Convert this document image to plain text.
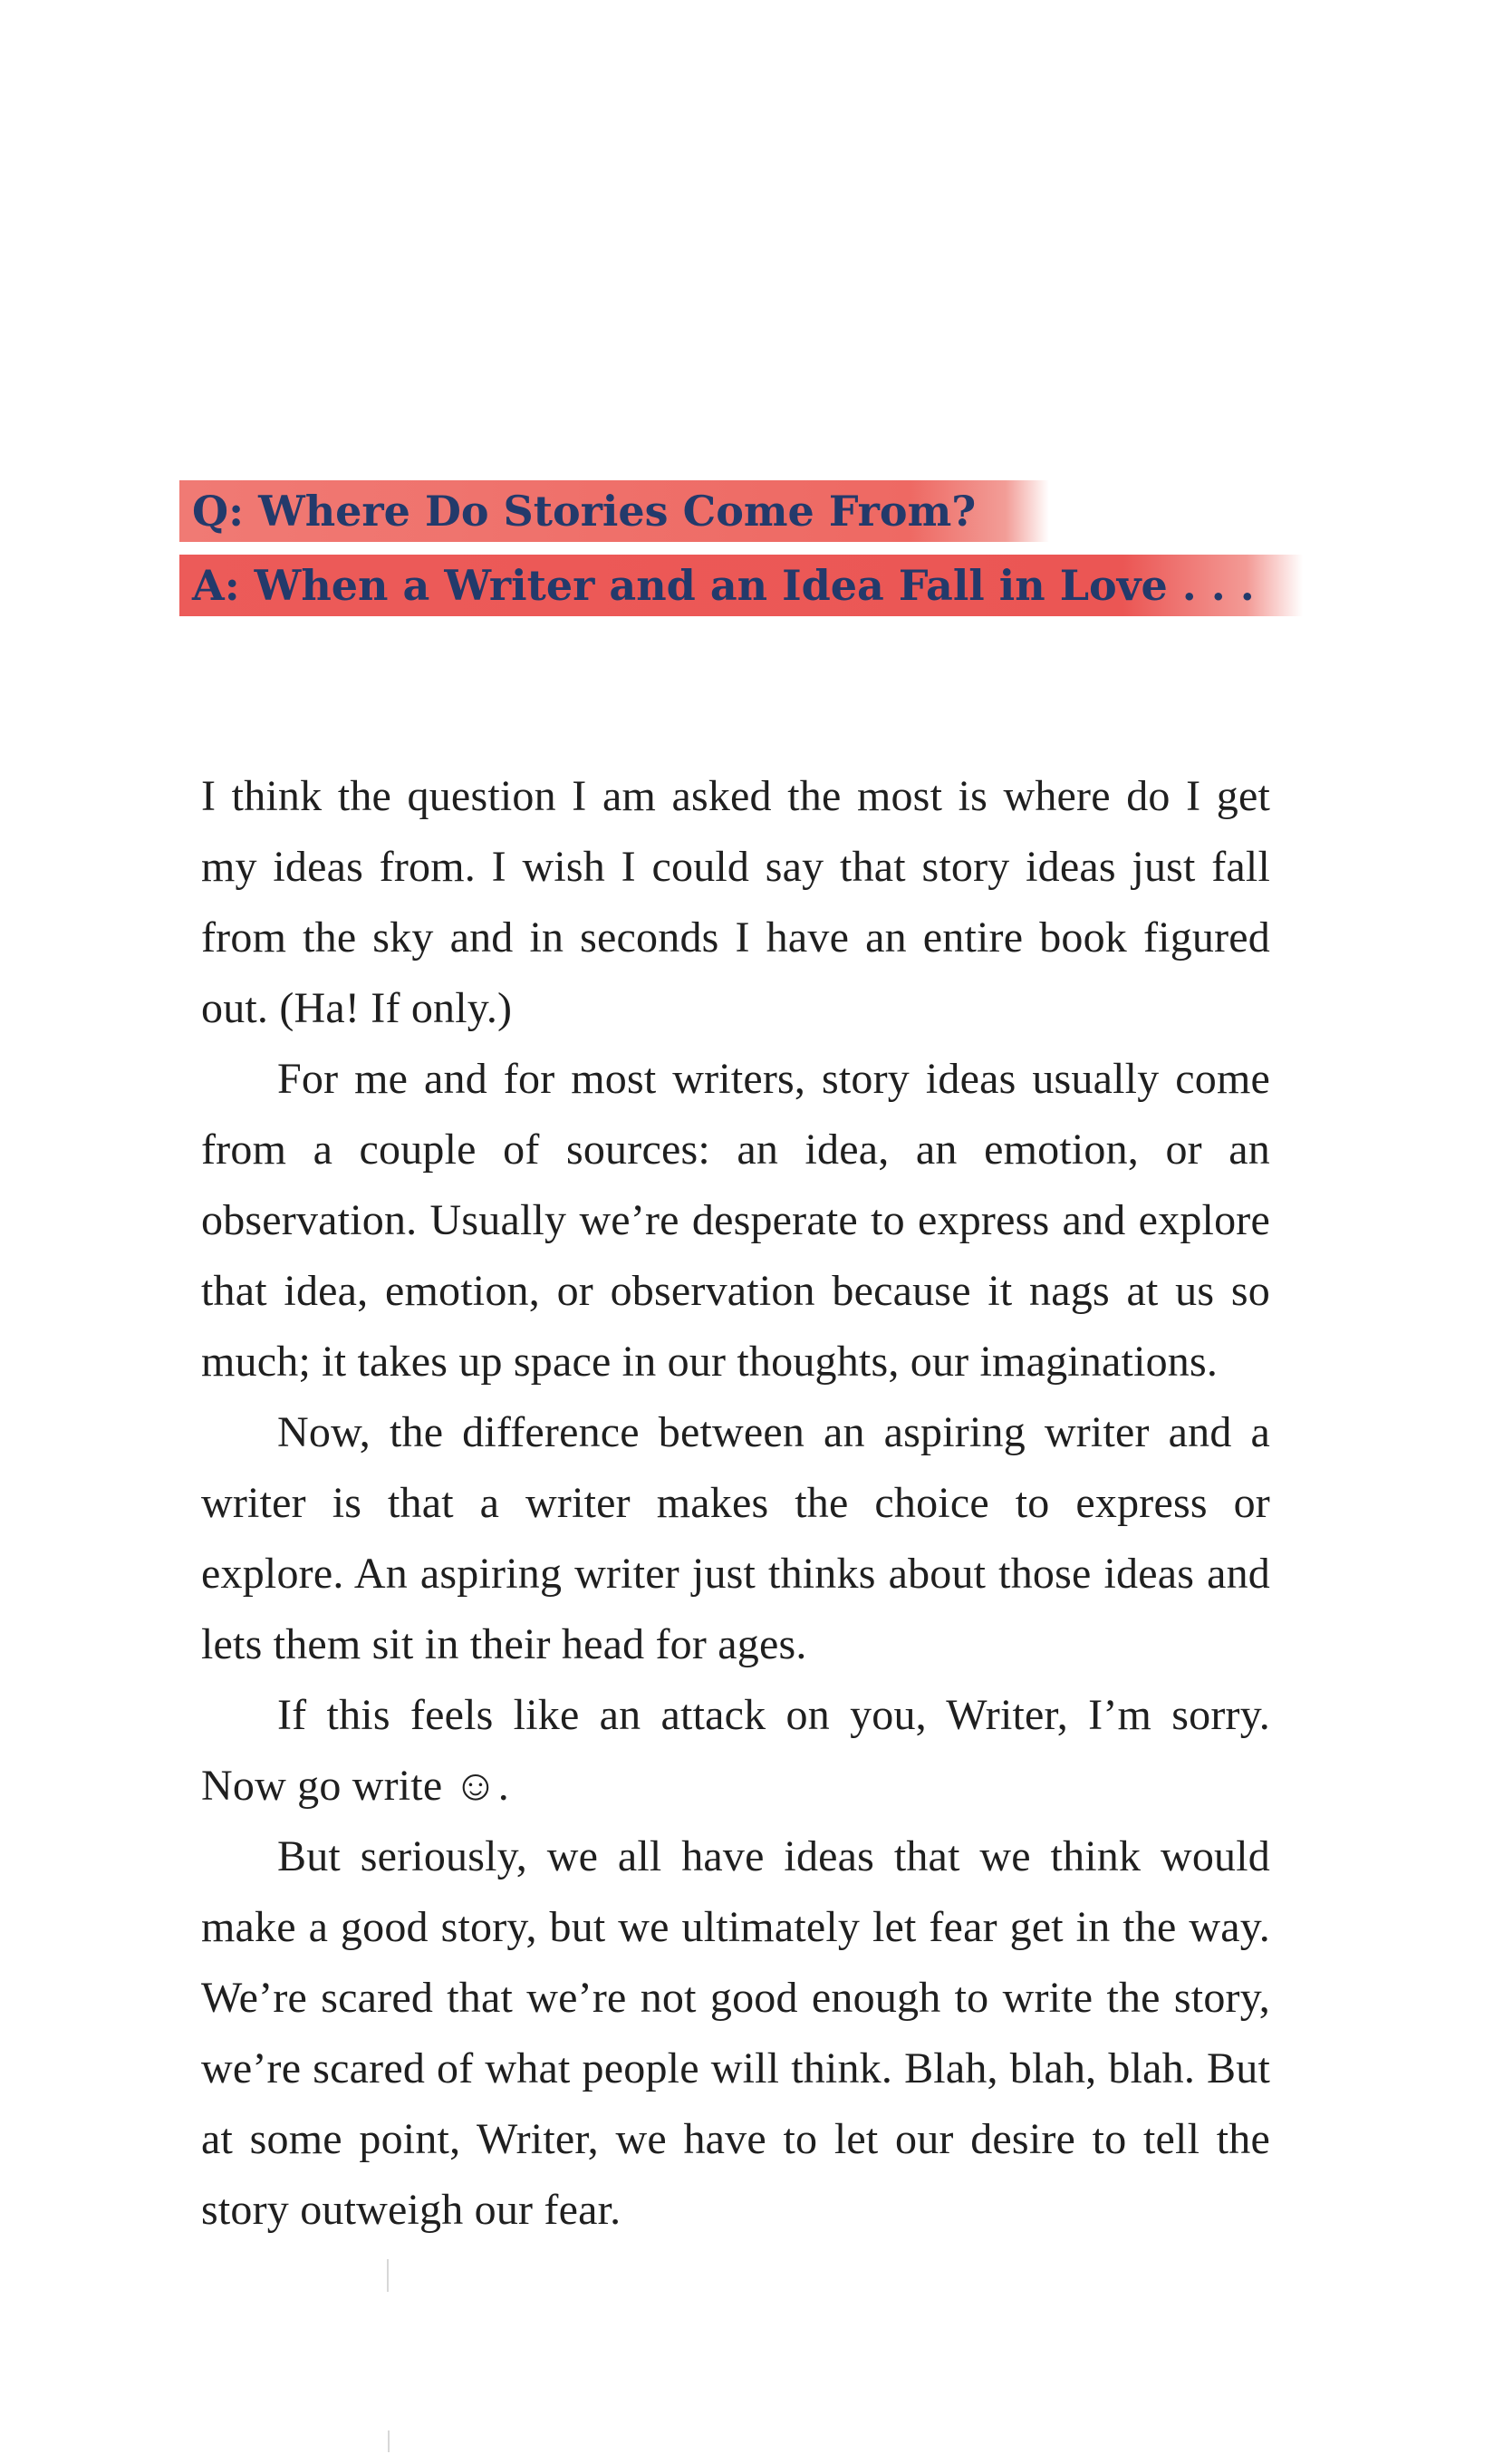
Q: Where Do Stories Come From?
A: When a Writer and an Idea Fall in Love . . .

I think the question I am asked the most is where do I get my ideas from. I wish I could say that story ideas just fall from the sky and in seconds I have an entire book figured out. (Ha! If only.)

For me and for most writers, story ideas usually come from a couple of sources: an idea, an emotion, or an observation. Usually we’re desperate to express and explore that idea, emotion, or observation because it nags at us so much; it takes up space in our thoughts, our imaginations.

Now, the difference between an aspiring writer and a writer is that a writer makes the choice to express or explore. An aspiring writer just thinks about those ideas and lets them sit in their head for ages.

If this feels like an attack on you, Writer, I’m sorry. Now go write ☺.

But seriously, we all have ideas that we think would make a good story, but we ultimately let fear get in the way. We’re scared that we’re not good enough to write the story, we’re scared of what people will think. Blah, blah, blah. But at some point, Writer, we have to let our desire to tell the story outweigh our fear.
